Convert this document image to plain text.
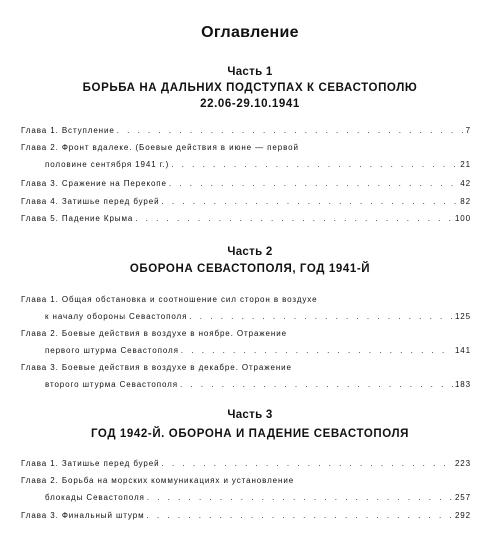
Оглавление
Часть 1
БОРЬБА НА ДАЛЬНИХ ПОДСТУПАХ К СЕВАСТОПОЛЮ
22.06-29.10.1941
Глава 1. Вступление . . .	7
Глава 2. Фронт вдалеке. (Боевые действия в июне — первой
половине сентября 1941 г.) . . .	21
Глава 3. Сражение на Перекопе . . .	42
Глава 4. Затишье перед бурей . . .	82
Глава 5. Падение Крыма . . .	100
Часть 2
ОБОРОНА СЕВАСТОПОЛЯ, ГОД 1941-Й
Глава 1. Общая обстановка и соотношение сил сторон в воздухе
к началу обороны Севастополя . . .	125
Глава 2. Боевые действия в воздухе в ноябре. Отражение
первого штурма Севастополя . . .	141
Глава 3. Боевые действия в воздухе в декабре. Отражение
второго штурма Севастополя . . .	183
Часть 3
ГОД 1942-Й. ОБОРОНА И ПАДЕНИЕ СЕВАСТОПОЛЯ
Глава 1. Затишье перед бурей . . .	223
Глава 2. Борьба на морских коммуникациях и установление
блокады Севастополя . . .	257
Глава 3. Финальный штурм . . .	292
